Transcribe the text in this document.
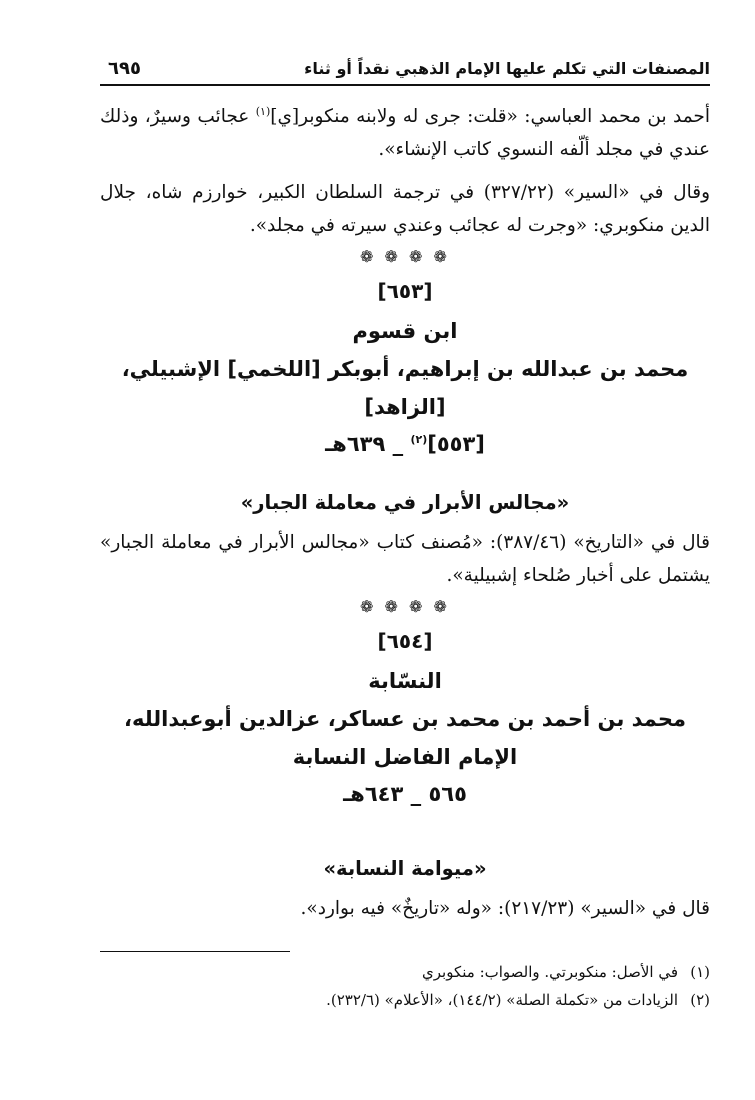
المصنفات التي تكلم عليها الإمام الذهبي نقداً أو ثناء
٦٩٥

أحمد بن محمد العباسي: «قلت: جرى له ولابنه منكوبر[ي]$^{(١)}$ عجائب وسيرٌ، وذلك عندي في مجلد ألّفه النسوي كاتب الإنشاء».

وقال في «السير» (٣٢٧/٢٢) في ترجمة السلطان الكبير، خوارزم شاه، جلال الدين منكوبري: «وجرت له عجائب وعندي سيرته في مجلد».

❁ ❁ ❁ ❁
[٦٥٣]
ابن قسوم
محمد بن عبدالله بن إبراهيم، أبوبكر [اللخمي] الإشبيلي، [الزاهد]
[٥٥٣]$^{(٢)}$ _ ٦٣٩هـ
«مجالس الأبرار في معاملة الجبار»

قال في «التاريخ» (٣٨٧/٤٦): «مُصنف كتاب «مجالس الأبرار في معاملة الجبار» يشتمل على أخبار صُلحاء إشبيلية».

❁ ❁ ❁ ❁
[٦٥٤]
النسّابة
محمد بن أحمد بن محمد بن عساكر، عزالدين أبوعبدالله،
الإمام الفاضل النسابة
٥٦٥ _ ٦٤٣هـ
«ميوامة النسابة»

قال في «السير» (٢١٧/٢٣): «وله «تاريخٌ» فيه بوارد».

(١)
في الأصل: منكوبرتي. والصواب: منكوبري
(٢)
الزيادات من «تكملة الصلة» (١٤٤/٢)، «الأعلام» (٢٣٢/٦).
